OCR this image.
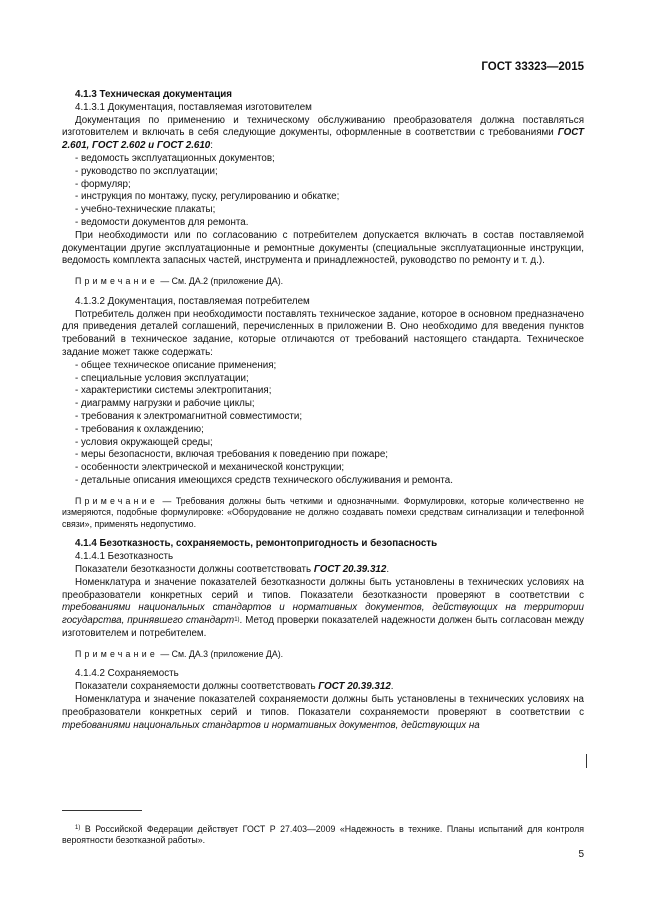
ГОСТ 33323—2015

4.1.3 Техническая документация

4.1.3.1 Документация, поставляемая изготовителем

Документация по применению и техническому обслуживанию преобразователя должна поставляться изготовителем и включать в себя следующие документы, оформленные в соответствии с требованиями ГОСТ 2.601, ГОСТ 2.602 и ГОСТ 2.610:

- ведомость эксплуатационных документов;
- руководство по эксплуатации;
- формуляр;
- инструкция по монтажу, пуску, регулированию и обкатке;
- учебно-технические плакаты;
- ведомости документов для ремонта.

При необходимости или по согласованию с потребителем допускается включать в состав поставляемой документации другие эксплуатационные и ремонтные документы (специальные эксплуатационные инструкции, ведомость комплекта запасных частей, инструмента и принадлежностей, руководство по ремонту и т. д.).

Примечание — См. ДА.2 (приложение ДА).

4.1.3.2 Документация, поставляемая потребителем

Потребитель должен при необходимости поставлять техническое задание, которое в основном предназначено для приведения деталей соглашений, перечисленных в приложении В. Оно необходимо для введения пунктов требований в техническое задание, которые отличаются от требований настоящего стандарта. Техническое задание может также содержать:

- общее техническое описание применения;
- специальные условия эксплуатации;
- характеристики системы электропитания;
- диаграмму нагрузки и рабочие циклы;
- требования к электромагнитной совместимости;
- требования к охлаждению;
- условия окружающей среды;
- меры безопасности, включая требования к поведению при пожаре;
- особенности электрической и механической конструкции;
- детальные описания имеющихся средств технического обслуживания и ремонта.

Примечание — Требования должны быть четкими и однозначными. Формулировки, которые количественно не измеряются, подобные формулировке: «Оборудование не должно создавать помехи средствам сигнализации и телефонной связи», применять недопустимо.

4.1.4 Безотказность, сохраняемость, ремонтопригодность и безопасность

4.1.4.1 Безотказность

Показатели безотказности должны соответствовать ГОСТ 20.39.312.

Номенклатура и значение показателей безотказности должны быть установлены в технических условиях на преобразователи конкретных серий и типов. Показатели безотказности проверяют в соответствии с требованиями национальных стандартов и нормативных документов, действующих на территории государства, принявшего стандарт$^{1)}$. Метод проверки показателей надежности должен быть согласован между изготовителем и потребителем.

Примечание — См. ДА.3 (приложение ДА).

4.1.4.2 Сохраняемость

Показатели сохраняемости должны соответствовать ГОСТ 20.39.312.

Номенклатура и значение показателей сохраняемости должны быть установлены в технических условиях на преобразователи конкретных серий и типов. Показатели сохраняемости проверяют в соответствии с требованиями национальных стандартов и нормативных документов, действующих на

$^{1)}$ В Российской Федерации действует ГОСТ Р 27.403—2009 «Надежность в технике. Планы испытаний для контроля вероятности безотказной работы».

5
